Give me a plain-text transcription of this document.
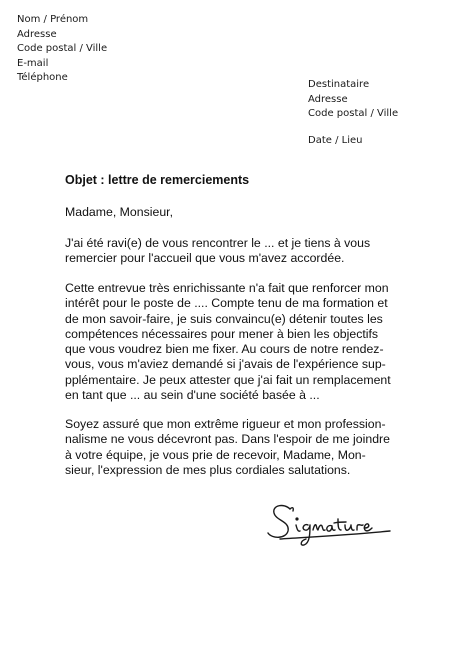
Nom / Prénom
Adresse
Code postal / Ville
E-mail
Téléphone
Destinataire
Adresse
Code postal / Ville
Date / Lieu
Objet : lettre de remerciements
Madame, Monsieur,
J'ai été ravi(e) de vous rencontrer le ... et je tiens à vous
remercier pour l'accueil que vous m'avez accordée.
Cette entrevue très enrichissante n'a fait que renforcer mon
intérêt pour le poste de .... Compte tenu de ma formation et
de mon savoir-faire, je suis convaincu(e) détenir toutes les
compétences nécessaires pour mener à bien les objectifs
que vous voudrez bien me fixer. Au cours de notre rendez-
vous, vous m'aviez demandé si j'avais de l'expérience sup-
pplémentaire. Je peux attester que j'ai fait un remplacement
en tant que ... au sein d'une société basée à ...
Soyez assuré que mon extrême rigueur et mon profession-
nalisme ne vous décevront pas. Dans l'espoir de me joindre
à votre équipe, je vous prie de recevoir, Madame, Mon-
sieur, l'expression de mes plus cordiales salutations.
